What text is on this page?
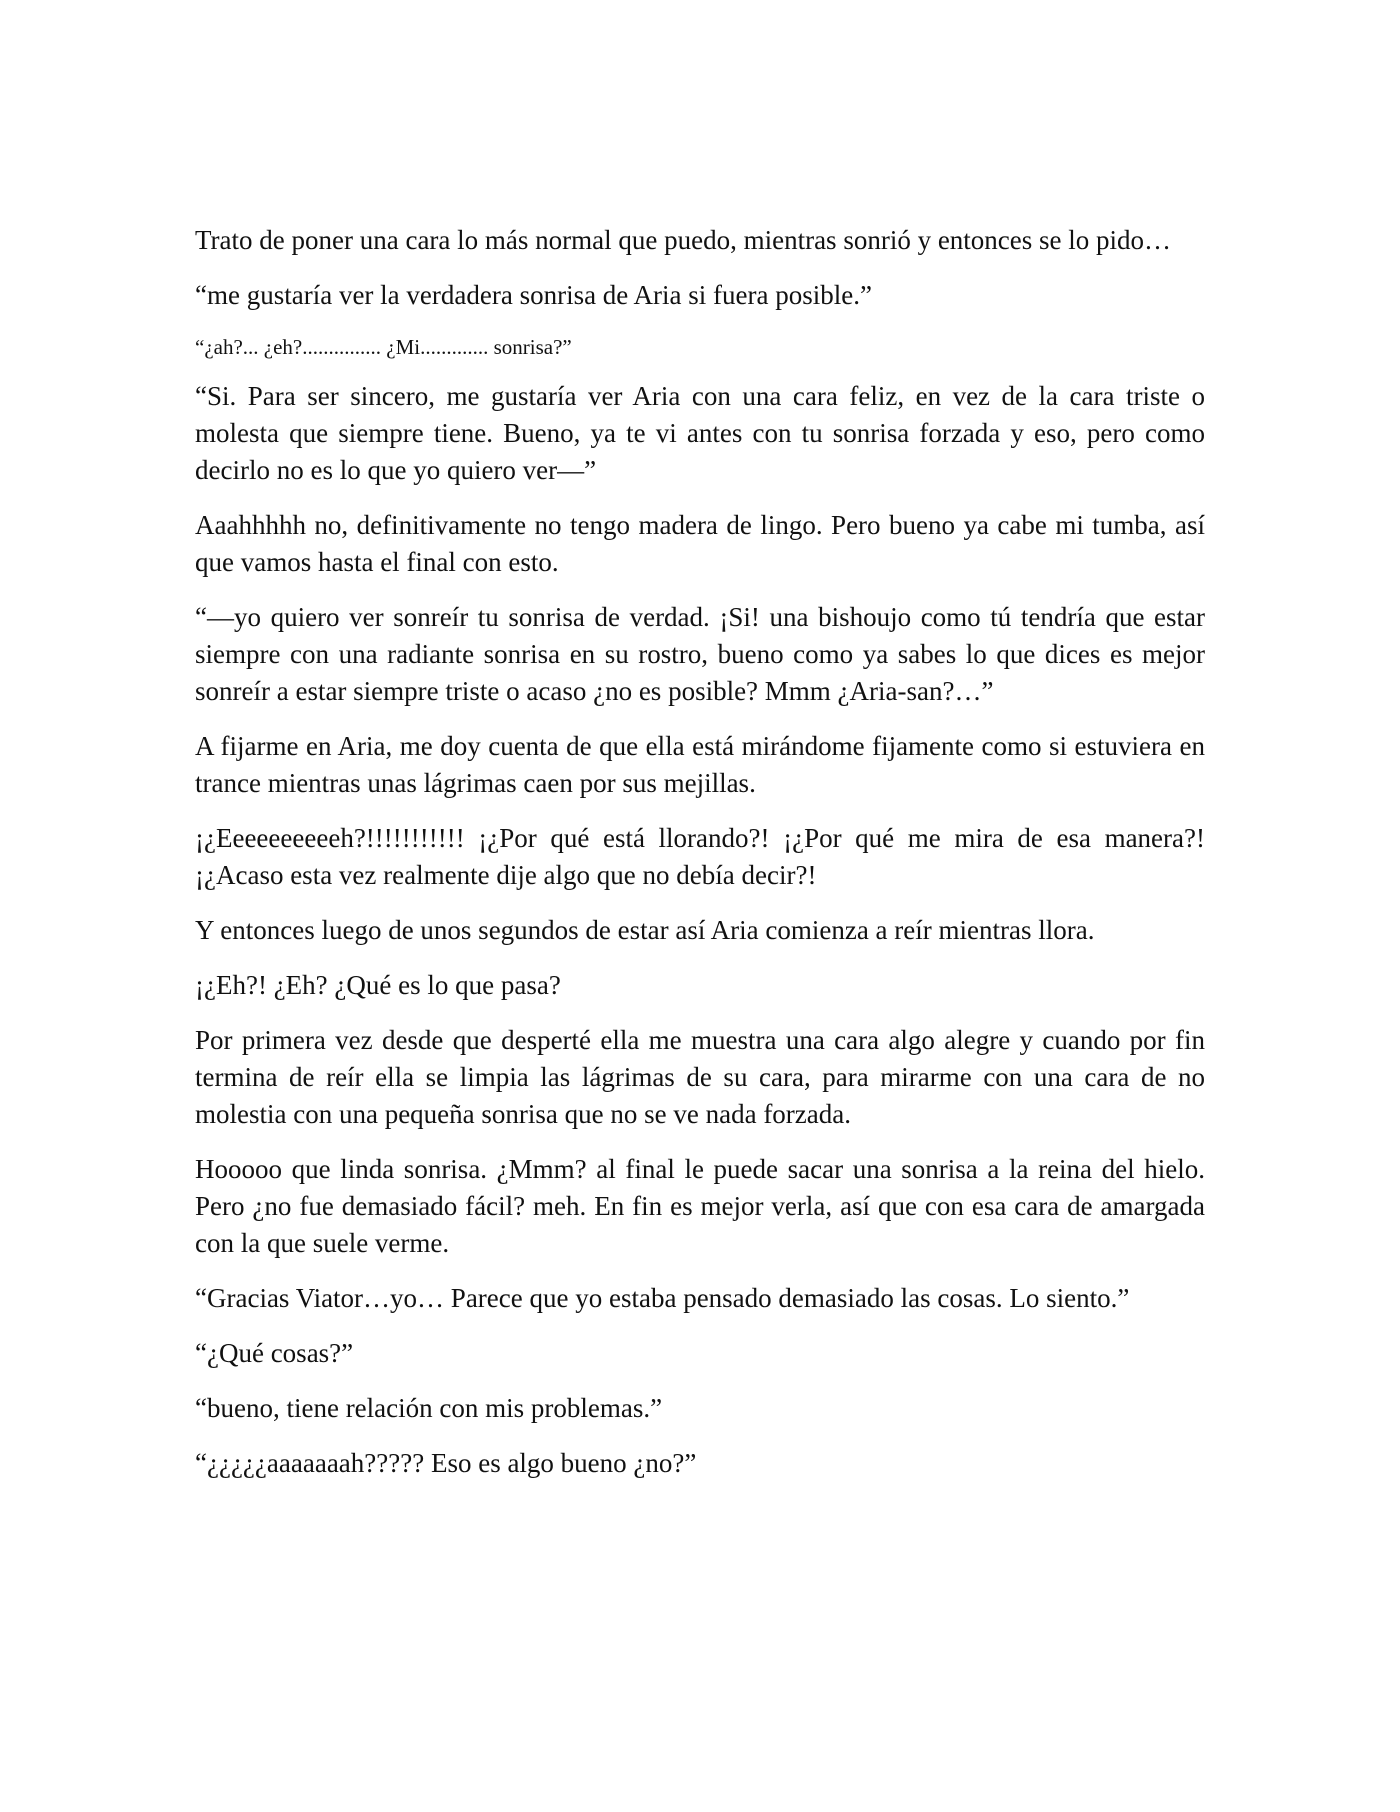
Trato de poner una cara lo más normal que puedo, mientras sonrió y entonces se lo pido…

“me gustaría ver la verdadera sonrisa de Aria si fuera posible.”

“¿ah?... ¿eh?............... ¿Mi............. sonrisa?”

“Si. Para ser sincero, me gustaría ver Aria con una cara feliz, en vez de la cara triste o molesta que siempre tiene. Bueno, ya te vi antes con tu sonrisa forzada y eso, pero como decirlo no es lo que yo quiero ver—”

Aaahhhhh no, definitivamente no tengo madera de lingo. Pero bueno ya cabe mi tumba, así que vamos hasta el final con esto.

“—yo quiero ver sonreír tu sonrisa de verdad. ¡Si! una bishoujo como tú tendría que estar siempre con una radiante sonrisa en su rostro, bueno como ya sabes lo que dices es mejor sonreír a estar siempre triste o acaso ¿no es posible? Mmm ¿Aria-san?…”

A fijarme en Aria, me doy cuenta de que ella está mirándome fijamente como si estuviera en trance mientras unas lágrimas caen por sus mejillas.

¡¿Eeeeeeeeeeh?!!!!!!!!!!! ¡¿Por qué está llorando?! ¡¿Por qué me mira de esa manera?! ¡¿Acaso esta vez realmente dije algo que no debía decir?!

Y entonces luego de unos segundos de estar así Aria comienza a reír mientras llora.

¡¿Eh?! ¿Eh? ¿Qué es lo que pasa?

Por primera vez desde que desperté ella me muestra una cara algo alegre y cuando por fin termina de reír ella se limpia las lágrimas de su cara, para mirarme con una cara de no molestia con una pequeña sonrisa que no se ve nada forzada.

Hooooo que linda sonrisa. ¿Mmm? al final le puede sacar una sonrisa a la reina del hielo. Pero ¿no fue demasiado fácil? meh. En fin es mejor verla, así que con esa cara de amargada con la que suele verme.

“Gracias Viator…yo… Parece que yo estaba pensado demasiado las cosas. Lo siento.”

“¿Qué cosas?”

“bueno, tiene relación con mis problemas.”

“¿¿¿¿¿aaaaaaah????? Eso es algo bueno ¿no?”
